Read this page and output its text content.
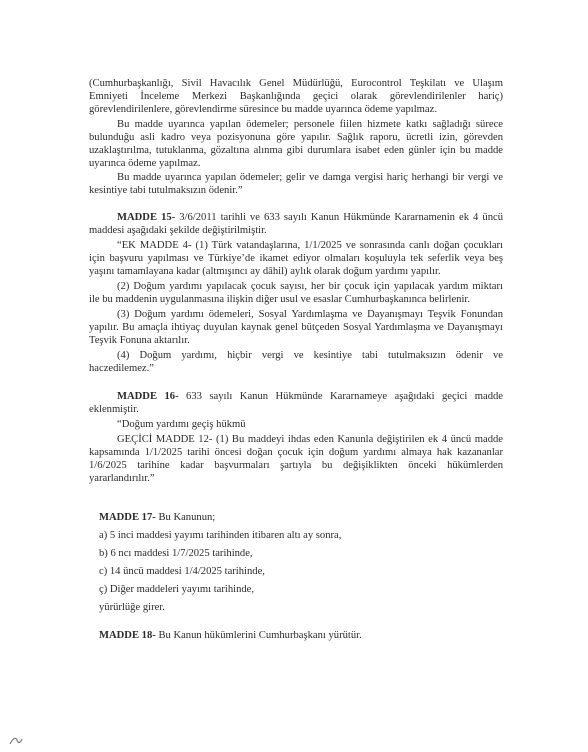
(Cumhurbaşkanlığı, Sivil Havacılık Genel Müdürlüğü, Eurocontrol Teşkilatı ve Ulaşım
Emniyeti İnceleme Merkezi Başkanlığında geçici olarak görevlendirilenler hariç)
görevlendirilenlere, görevlendirme süresince bu madde uyarınca ödeme yapılmaz.
Bu madde uyarınca yapılan ödemeler; personele fiilen hizmete katkı sağladığı sürece
bulunduğu asli kadro veya pozisyonuna göre yapılır. Sağlık raporu, ücretli izin, görevden
uzaklaştırılma, tutuklanma, gözaltına alınma gibi durumlara isabet eden günler için bu madde
uyarınca ödeme yapılmaz.
Bu madde uyarınca yapılan ödemeler; gelir ve damga vergisi hariç herhangi bir vergi ve
kesintiye tabi tutulmaksızın ödenir.”
MADDE 15- 3/6/2011 tarihli ve 633 sayılı Kanun Hükmünde Kararnamenin ek 4 üncü
maddesi aşağıdaki şekilde değiştirilmiştir.
“EK MADDE 4- (1) Türk vatandaşlarına, 1/1/2025 ve sonrasında canlı doğan çocukları
için başvuru yapılması ve Türkiye’de ikamet ediyor olmaları koşuluyla tek seferlik veya beş
yaşını tamamlayana kadar (altmışıncı ay dâhil) aylık olarak doğum yardımı yapılır.
(2) Doğum yardımı yapılacak çocuk sayısı, her bir çocuk için yapılacak yardım miktarı
ile bu maddenin uygulanmasına ilişkin diğer usul ve esaslar Cumhurbaşkanınca belirlenir.
(3) Doğum yardımı ödemeleri, Sosyal Yardımlaşma ve Dayanışmayı Teşvik Fonundan
yapılır. Bu amaçla ihtiyaç duyulan kaynak genel bütçeden Sosyal Yardımlaşma ve Dayanışmayı
Teşvik Fonuna aktarılır.
(4) Doğum yardımı, hiçbir vergi ve kesintiye tabi tutulmaksızın ödenir ve
haczedilemez.”
MADDE 16- 633 sayılı Kanun Hükmünde Kararnameye aşağıdaki geçici madde
eklenmiştir.
“Doğum yardımı geçiş hükmü
GEÇİCİ MADDE 12- (1) Bu maddeyi ihdas eden Kanunla değiştirilen ek 4 üncü madde
kapsamında 1/1/2025 tarihi öncesi doğan çocuk için doğum yardımı almaya hak kazananlar
1/6/2025 tarihine kadar başvurmaları şartıyla bu değişiklikten önceki hükümlerden
yararlandırılır.”
MADDE 17- Bu Kanunun;
a) 5 inci maddesi yayımı tarihinden itibaren altı ay sonra,
b) 6 ncı maddesi 1/7/2025 tarihinde,
c) 14 üncü maddesi 1/4/2025 tarihinde,
ç) Diğer maddeleri yayımı tarihinde,
yürürlüğe girer.
MADDE 18- Bu Kanun hükümlerini Cumhurbaşkanı yürütür.
